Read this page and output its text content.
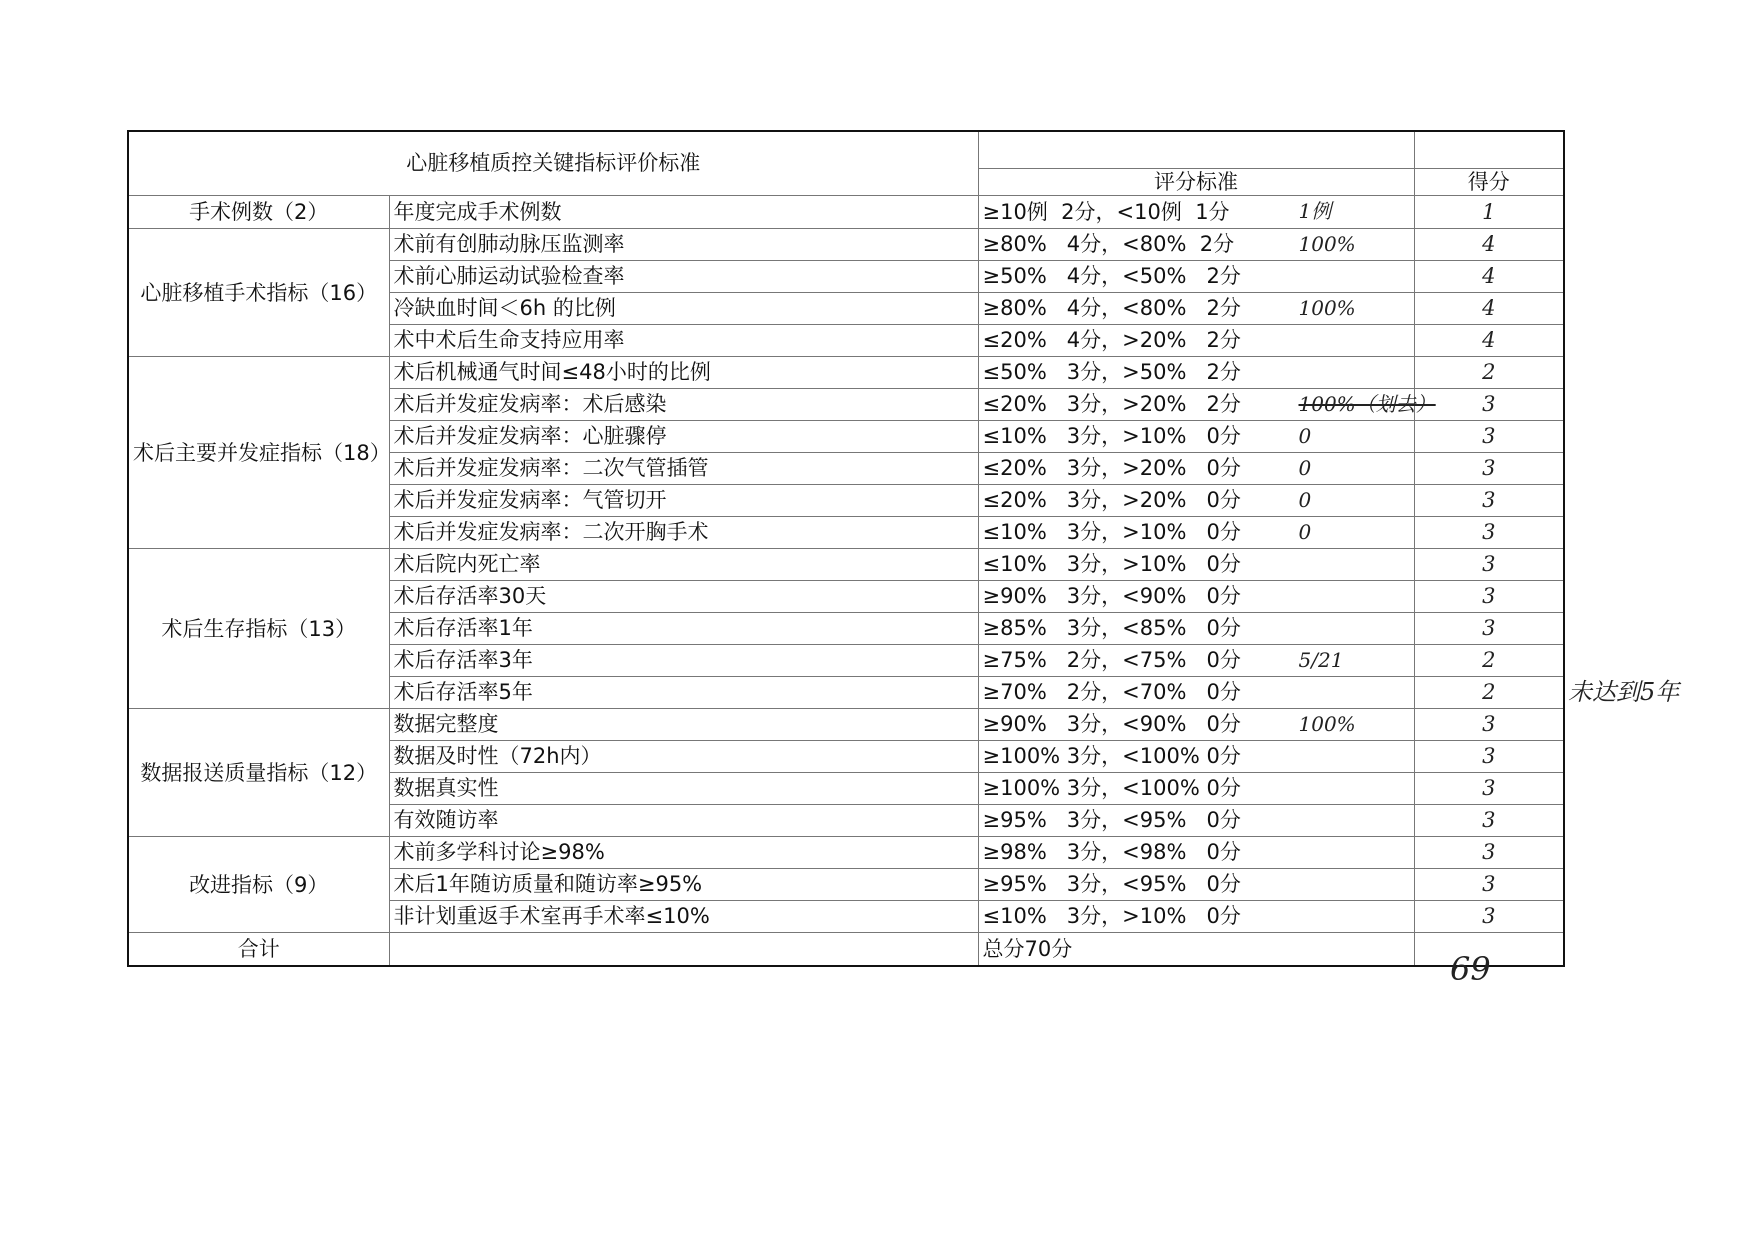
心脏移植质控关键指标评价标准			
		评分标准	得分
手术例数（2）	年度完成手术例数	≥10例  2分，<10例  1分 1例	1
心脏移植手术指标（16）	术前有创肺动脉压监测率	≥80%   4分，<80%  2分 100%	4
	术前心肺运动试验检查率	≥50%   4分，<50%   2分	4
	冷缺血时间＜6h 的比例	≥80%   4分，<80%   2分 100%	4
	术中术后生命支持应用率	≤20%   4分，>20%   2分	4
术后主要并发症指标（18）	术后机械通气时间≤48小时的比例	≤50%   3分，>50%   2分	2
	术后并发症发病率：术后感染	≤20%   3分，>20%   2分 100%（划去）	3
	术后并发症发病率：心脏骤停	≤10%   3分，>10%   0分 0	3
	术后并发症发病率：二次气管插管	≤20%   3分，>20%   0分 0	3
	术后并发症发病率：气管切开	≤20%   3分，>20%   0分 0	3
	术后并发症发病率：二次开胸手术	≤10%   3分，>10%   0分 0	3
术后生存指标（13）	术后院内死亡率	≤10%   3分，>10%   0分	3
	术后存活率30天	≥90%   3分，<90%   0分	3
	术后存活率1年	≥85%   3分，<85%   0分	3
	术后存活率3年	≥75%   2分，<75%   0分 5/21	2
	术后存活率5年	≥70%   2分，<70%   0分	2
数据报送质量指标（12）	数据完整度	≥90%   3分，<90%   0分 100%	3
	数据及时性（72h内）	≥100% 3分，<100% 0分	3
	数据真实性	≥100% 3分，<100% 0分	3
	有效随访率	≥95%   3分，<95%   0分	3
改进指标（9）	术前多学科讨论≥98%	≥98%   3分，<98%   0分	3
	术后1年随访质量和随访率≥95%	≥95%   3分，<95%   0分	3
	非计划重返手术室再手术率≤10%	≤10%   3分，>10%   0分	3
合计		总分70分	
未达到5年
69
